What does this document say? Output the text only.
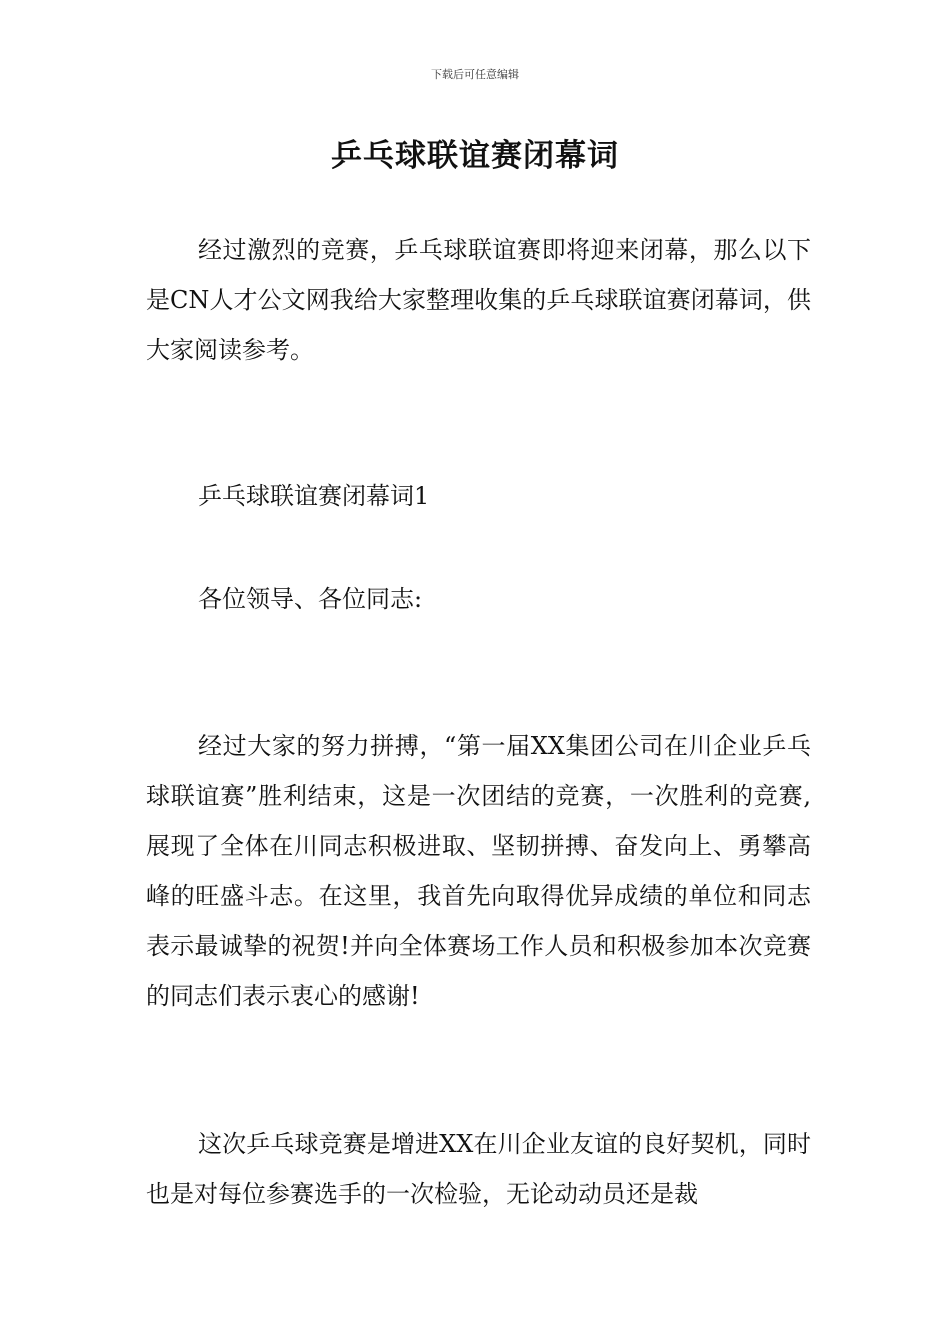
下载后可任意编辑
乒乓球联谊赛闭幕词

经过激烈的竞赛，乒乓球联谊赛即将迎来闭幕，那么以下是CN人才公文网我给大家整理收集的乒乓球联谊赛闭幕词，供大家阅读参考。

乒乓球联谊赛闭幕词1

各位领导、各位同志:

经过大家的努力拼搏，“第一届XX集团公司在川企业乒乓球联谊赛”胜利结束，这是一次团结的竞赛，一次胜利的竞赛,展现了全体在川同志积极进取、坚韧拼搏、奋发向上、勇攀高峰的旺盛斗志。在这里，我首先向取得优异成绩的单位和同志表示最诚挚的祝贺!并向全体赛场工作人员和积极参加本次竞赛的同志们表示衷心的感谢!

这次乒乓球竞赛是增进XX在川企业友谊的良好契机，同时也是对每位参赛选手的一次检验，无论动动员还是裁
